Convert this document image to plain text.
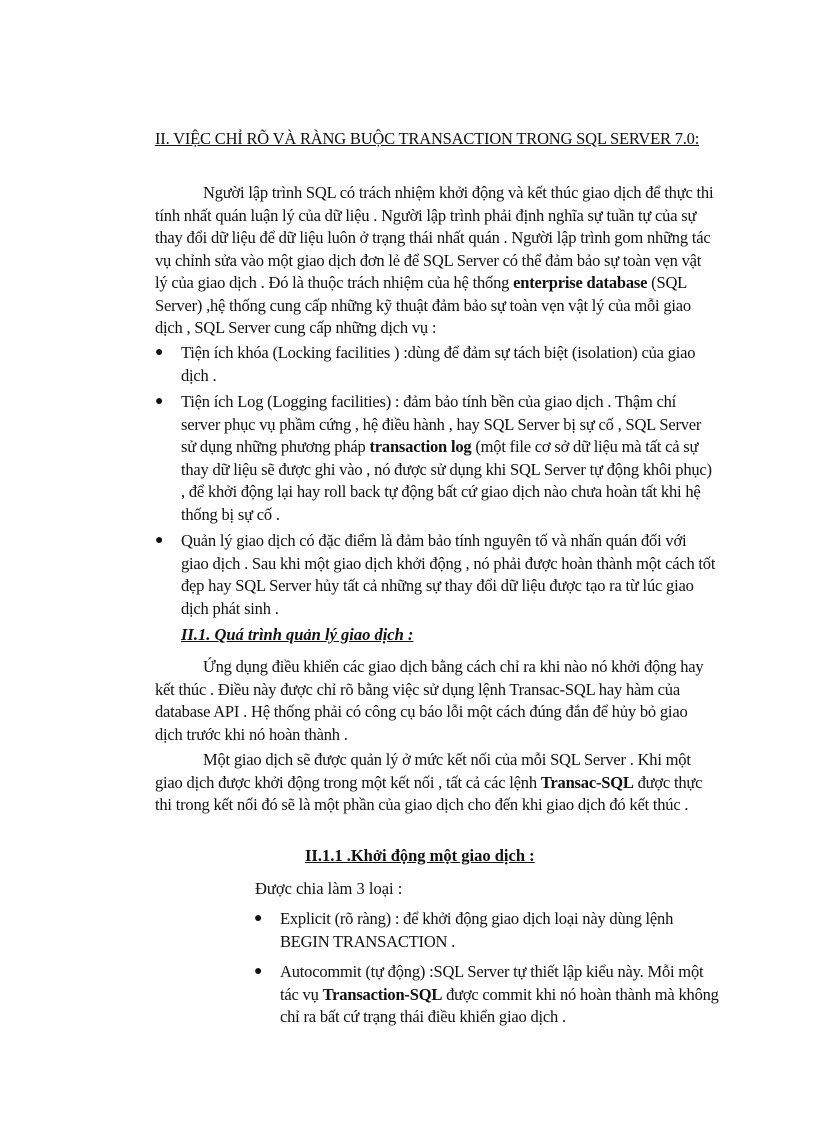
II. VIỆC CHỈ RÕ VÀ RÀNG BUỘC TRANSACTION TRONG SQL SERVER 7.0:

Người lập trình SQL có trách nhiệm khởi động và kết thúc giao dịch để thực thi tính nhất quán luận lý của dữ liệu . Người lập trình phải định nghĩa sự tuần tự của sự thay đổi dữ liệu để dữ liệu luôn ở trạng thái nhất quán . Người lập trình gom những tác vụ chỉnh sửa vào một giao dịch đơn lẻ để SQL Server có thể đảm bảo sự toàn vẹn vật lý của giao dịch . Đó là thuộc trách nhiệm của hệ thống enterprise database (SQL Server) ,hệ thống cung cấp những kỹ thuật đảm bảo sự toàn vẹn vật lý của mỗi giao dịch , SQL Server cung cấp những dịch vụ :

● Tiện ích khóa (Locking facilities ) :dùng để đảm sự tách biệt (isolation) của giao dịch .
● Tiện ích Log (Logging facilities) : đảm bảo tính bền của giao dịch . Thậm chí server phục vụ phầm cứng , hệ điều hành , hay SQL Server bị sự cố , SQL Server sử dụng những phương pháp transaction log (một file cơ sở dữ liệu mà tất cả sự thay dữ liệu sẽ được ghi vào , nó được sử dụng khi SQL Server tự động khôi phục) , để khởi động lại hay roll back tự động bất cứ giao dịch nào chưa hoàn tất khi hệ thống bị sự cố .
● Quản lý giao dịch có đặc điểm là đảm bảo tính nguyên tố và nhấn quán đối với giao dịch . Sau khi một giao dịch khởi động , nó phải được hoàn thành một cách tốt đẹp hay SQL Server hủy tất cả những sự thay đổi dữ liệu được tạo ra từ lúc giao dịch phát sinh .
II.1. Quá trình quản lý giao dịch :

Ứng dụng điều khiển các giao dịch bằng cách chỉ ra khi nào nó khởi động hay kết thúc . Điều này được chỉ rõ bằng việc sử dụng lệnh Transac-SQL hay hàm của database API . Hệ thống phải có công cụ báo lỗi một cách đúng đắn để hủy bỏ giao dịch trước khi nó hoàn thành .

Một giao dịch sẽ được quản lý ở mức kết nối của mỗi SQL Server . Khi một giao dịch được khởi động trong một kết nối , tất cả các lệnh Transac-SQL được thực thi trong kết nối đó sẽ là một phần của giao dịch cho đến khi giao dịch đó kết thúc .

II.1.1 .Khởi động một giao dịch :
Được chia làm 3 loại :
● Explicit (rõ ràng) : để khởi động giao dịch loại này dùng lệnh BEGIN TRANSACTION .
● Autocommit (tự động) :SQL Server tự thiết lập kiểu này. Mỗi một tác vụ Transaction-SQL được commit khi nó hoàn thành mà không chỉ ra bất cứ trạng thái điều khiển giao dịch .
